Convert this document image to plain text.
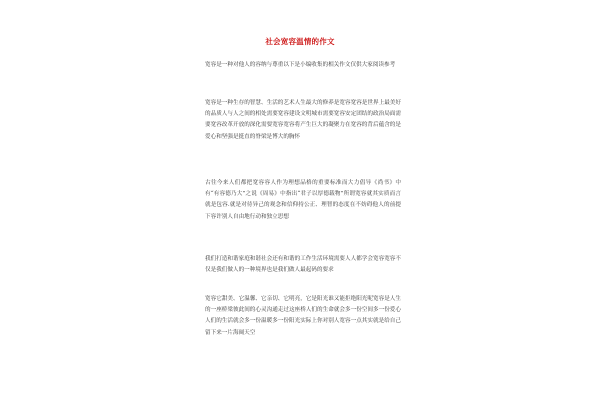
社会宽容温情的作文

宽容是一种对他人的容纳与尊重以下是小编收集的相关作文仅供大家阅读参考

宽容是一种生存的智慧、生活的艺术人生最大的修养是宽容宽容是世界上最美好的品质人与人之间的相处需要宽容建设文明城市需要宽容安定团结的政治局面需要宽容改革开放的深化需要宽容宽容将产生巨大的凝聚力在宽容的背后蕴含的是爱心和坚强是挺直的脊梁是博大的胸怀

古往今来人们都把宽容容人作为理想品格的重要标准而大力倡导《尚书》中有“有容德乃大”之说《周易》中指出“君子以厚德载物”所谓宽容就其实质而言就是包容.就是对待异己的观念和信仰持公正、理智的态度在不妨碍他人的前提下容许别人自由地行动和独立思想

我们打造和谐家庭和谐社会还有和谐的工作生活环境需要人人都学会宽容宽容不仅是我们做人的一种境界也是我们做人最起码的要求

宽容它甜美、它温馨、它亲切、它明亮，它是阳光谁又能拒绝阳光呢宽容是人生的一座桥梁彼此间的心灵沟通走过这座桥人们的生命就会多一份空间多一份爱心人们的生活就会多一份温暖多一份阳光实际上你对别人宽容一点其实就是给自己留下来一片海阔天空
